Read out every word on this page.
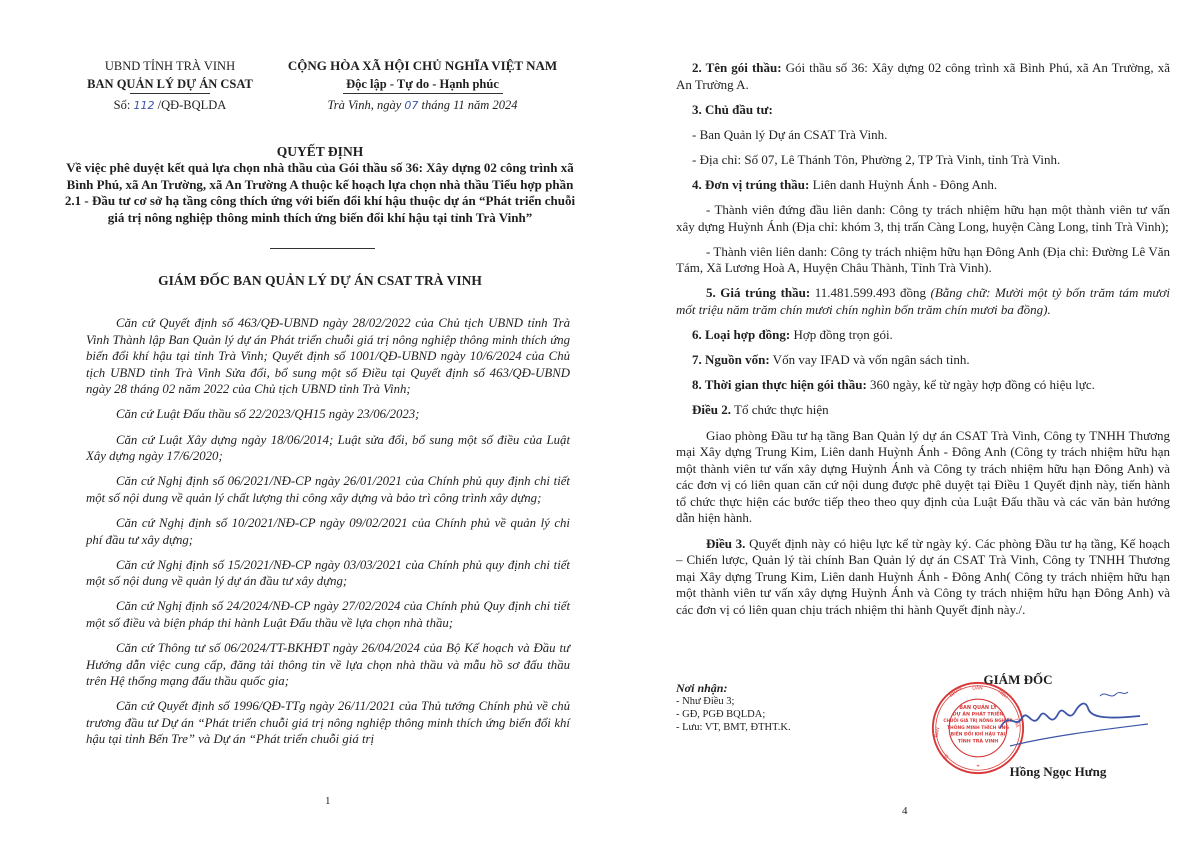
UBND TỈNH TRÀ VINH
BAN QUẢN LÝ DỰ ÁN CSAT
Số: 112 /QĐ-BQLDA
CỘNG HÒA XÃ HỘI CHỦ NGHĨA VIỆT NAM
Độc lập - Tự do - Hạnh phúc
Trà Vinh, ngày 07 tháng 11 năm 2024
QUYẾT ĐỊNH
Về việc phê duyệt kết quả lựa chọn nhà thầu của Gói thầu số 36: Xây dựng 02 công trình xã Bình Phú, xã An Trường, xã An Trường A thuộc kế hoạch lựa chọn nhà thầu Tiểu hợp phần 2.1 - Đầu tư cơ sở hạ tầng công thích ứng với biến đổi khí hậu thuộc dự án “Phát triển chuỗi giá trị nông nghiệp thông minh thích ứng biến đổi khí hậu tại tỉnh Trà Vinh”
GIÁM ĐỐC BAN QUẢN LÝ DỰ ÁN CSAT TRÀ VINH

Căn cứ Quyết định số 463/QĐ-UBND ngày 28/02/2022 của Chủ tịch UBND tỉnh Trà Vinh Thành lập Ban Quản lý dự án Phát triển chuỗi giá trị nông nghiệp thông minh thích ứng biến đổi khí hậu tại tỉnh Trà Vinh; Quyết định số 1001/QĐ-UBND ngày 10/6/2024 của Chủ tịch UBND tỉnh Trà Vinh Sửa đổi, bổ sung một số Điều tại Quyết định số 463/QĐ-UBND ngày 28 tháng 02 năm 2022 của Chủ tịch UBND tỉnh Trà Vinh;

Căn cứ Luật Đấu thầu số 22/2023/QH15 ngày 23/06/2023;

Căn cứ Luật Xây dựng ngày 18/06/2014; Luật sửa đổi, bổ sung một số điều của Luật Xây dựng ngày 17/6/2020;

Căn cứ Nghị định số 06/2021/NĐ-CP ngày 26/01/2021 của Chính phủ quy định chi tiết một số nội dung về quản lý chất lượng thi công xây dựng và bảo trì công trình xây dựng;

Căn cứ Nghị định số 10/2021/NĐ-CP ngày 09/02/2021 của Chính phủ về quản lý chi phí đầu tư xây dựng;

Căn cứ Nghị định số 15/2021/NĐ-CP ngày 03/03/2021 của Chính phủ quy định chi tiết một số nội dung về quản lý dự án đầu tư xây dựng;

Căn cứ Nghị định số 24/2024/NĐ-CP ngày 27/02/2024 của Chính phủ Quy định chi tiết một số điều và biện pháp thi hành Luật Đấu thầu về lựa chọn nhà thầu;

Căn cứ Thông tư số 06/2024/TT-BKHĐT ngày 26/04/2024 của Bộ Kế hoạch và Đầu tư Hướng dẫn việc cung cấp, đăng tải thông tin về lựa chọn nhà thầu và mẫu hồ sơ đấu thầu trên Hệ thống mạng đấu thầu quốc gia;

Căn cứ Quyết định số 1996/QĐ-TTg ngày 26/11/2021 của Thủ tướng Chính phủ về chủ trương đầu tư Dự án “Phát triển chuỗi giá trị nông nghiệp thông minh thích ứng biến đổi khí hậu tại tỉnh Bến Tre” và Dự án “Phát triển chuỗi giá trị

1

2. Tên gói thầu: Gói thầu số 36: Xây dựng 02 công trình xã Bình Phú, xã An Trường, xã An Trường A.

3. Chủ đầu tư:

- Ban Quản lý Dự án CSAT Trà Vinh.

- Địa chỉ: Số 07, Lê Thánh Tôn, Phường 2, TP Trà Vinh, tỉnh Trà Vinh.

4. Đơn vị trúng thầu: Liên danh Huỳnh Ánh - Đông Anh.

- Thành viên đứng đầu liên danh: Công ty trách nhiệm hữu hạn một thành viên tư vấn xây dựng Huỳnh Ánh (Địa chỉ: khóm 3, thị trấn Càng Long, huyện Càng Long, tỉnh Trà Vinh);

- Thành viên liên danh: Công ty trách nhiệm hữu hạn Đông Anh (Địa chỉ: Đường Lê Văn Tám, Xã Lương Hoà A, Huyện Châu Thành, Tỉnh Trà Vinh).

5. Giá trúng thầu: 11.481.599.493 đồng (Bằng chữ: Mười một tỷ bốn trăm tám mươi mốt triệu năm trăm chín mươi chín nghìn bốn trăm chín mươi ba đồng).

6. Loại hợp đồng: Hợp đồng trọn gói.

7. Nguồn vốn: Vốn vay IFAD và vốn ngân sách tỉnh.

8. Thời gian thực hiện gói thầu: 360 ngày, kể từ ngày hợp đồng có hiệu lực.

Điều 2. Tổ chức thực hiện

Giao phòng Đầu tư hạ tầng Ban Quản lý dự án CSAT Trà Vinh, Công ty TNHH Thương mại Xây dựng Trung Kim, Liên danh Huỳnh Ánh - Đông Anh (Công ty trách nhiệm hữu hạn một thành viên tư vấn xây dựng Huỳnh Ánh và Công ty trách nhiệm hữu hạn Đông Anh) và các đơn vị có liên quan căn cứ nội dung được phê duyệt tại Điều 1 Quyết định này, tiến hành tổ chức thực hiện các bước tiếp theo theo quy định của Luật Đấu thầu và các văn bản hướng dẫn hiện hành.

Điều 3. Quyết định này có hiệu lực kể từ ngày ký. Các phòng Đầu tư hạ tầng, Kế hoạch – Chiến lược, Quản lý tài chính Ban Quản lý dự án CSAT Trà Vinh, Công ty TNHH Thương mại Xây dựng Trung Kim, Liên danh Huỳnh Ánh - Đông Anh( Công ty trách nhiệm hữu hạn một thành viên tư vấn xây dựng Huỳnh Ánh và Công ty trách nhiệm hữu hạn Đông Anh) và các đơn vị có liên quan chịu trách nhiệm thi hành Quyết định này./.

Nơi nhận:
- Như Điều 3;
- GĐ, PGĐ BQLDA;
- Lưu: VT, BMT, ĐTHT.K.
BAN QUẢN LÝ
DỰ ÁN PHÁT TRIỂN
CHUỖI GIÁ TRỊ NÔNG NGHIỆP
THÔNG MINH THÍCH ỨNG
BIẾN ĐỔI KHÍ HẬU TẠI
TỈNH TRÀ VINH
*
NHÂN DÂN
TỈNH
TRÀ
BAN
ỦY
GIÁM ĐỐC
Hồng Ngọc Hưng
4
